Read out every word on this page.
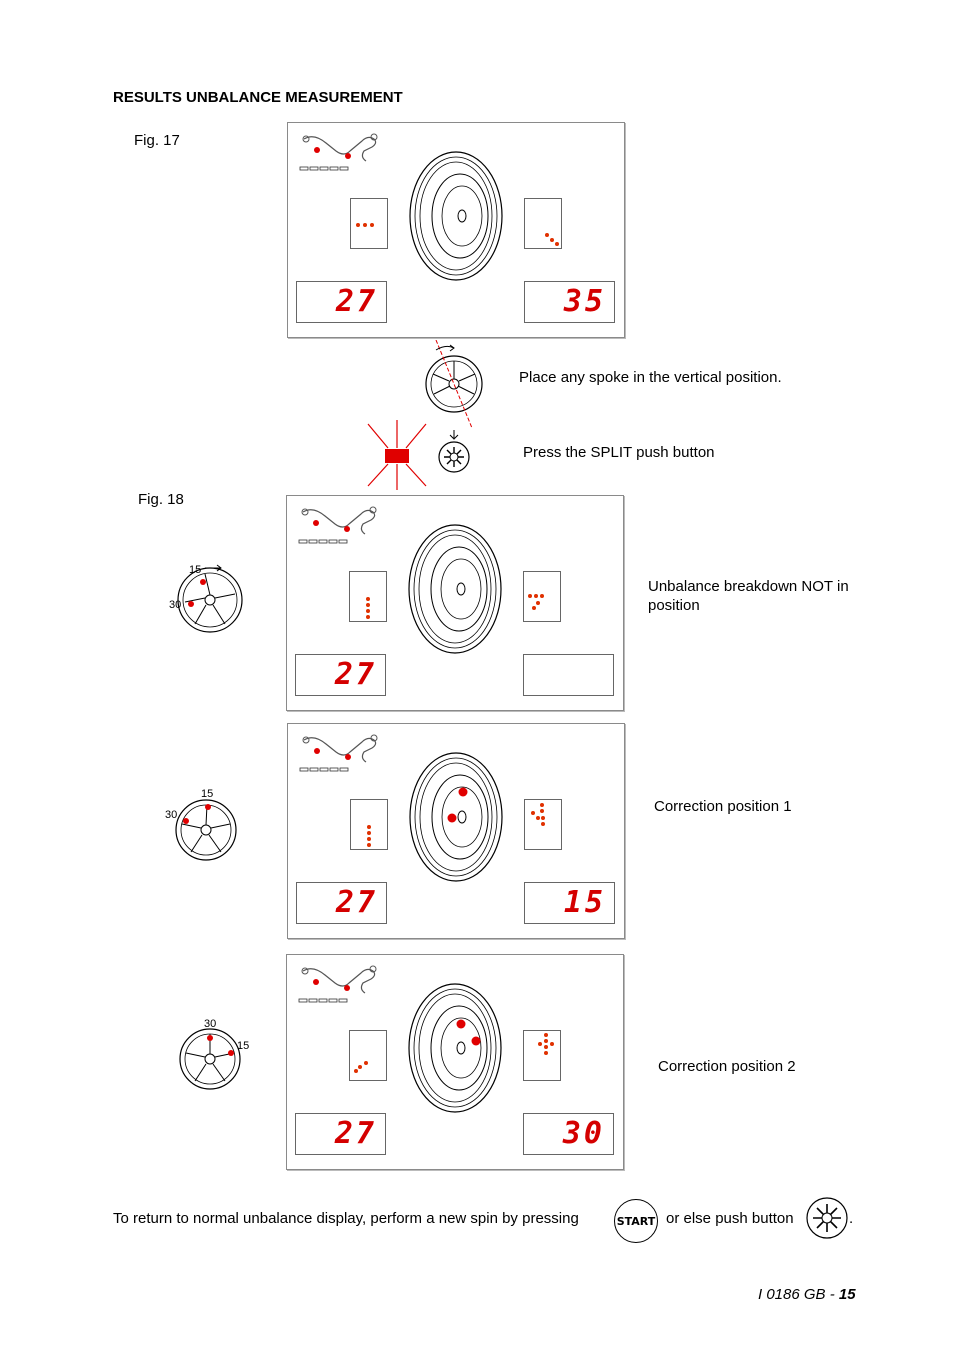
RESULTS UNBALANCE MEASUREMENT
Fig. 17
27	35
Place any spoke in the vertical position.
Press the SPLIT push button
Fig. 18
15
30
27
Unbalance breakdown NOT in position
15
30
27	15
Correction position 1
30
15
27	30
Correction position 2
To return to normal unbalance display, perform a new spin by pressing	START or else push button	.
I 0186 GB - 15
